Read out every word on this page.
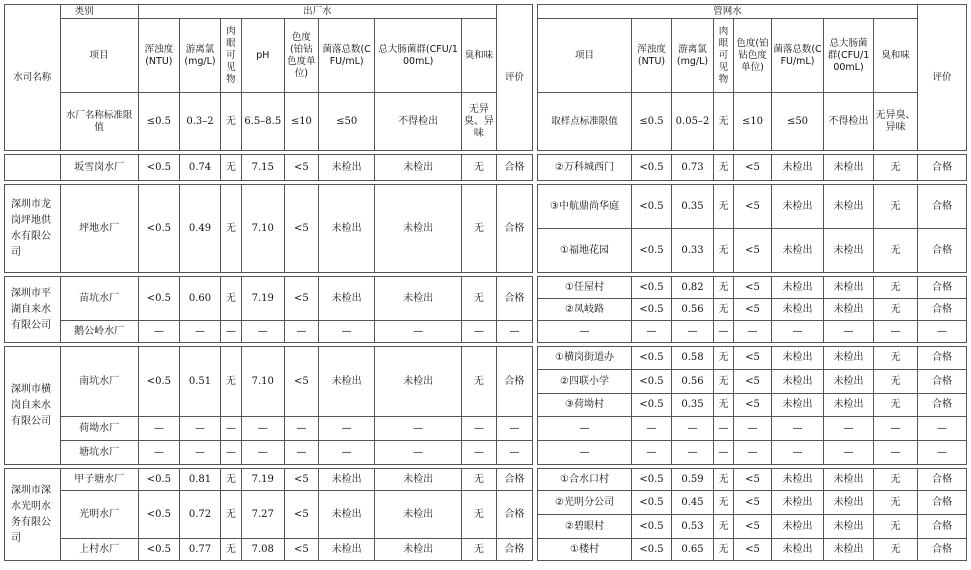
水司名称	类别	出厂水								评价
	项目	浑浊度(NTU)	游离氯(mg/L)	肉眼可见物	pH	色度(铂钴色度单位)	菌落总数(CFU/mL)	总大肠菌群(CFU/100mL)	臭和味	
	水厂名称标准限值	≤0.5	0.3–2	无	6.5–8.5	≤10	≤50	不得检出	无异臭、异味	

	坂雪岗水厂	<0.5	0.74	无	7.15	<5	未检出	未检出	无	合格

深圳市龙岗坪地供水有限公司	坪地水厂	<0.5	0.49	无	7.10	<5	未检出	未检出	无	合格

深圳市平湖自来水有限公司	苗坑水厂	<0.5	0.60	无	7.19	<5	未检出	未检出	无	合格
	鹅公岭水厂	—	—	—	—	—	—	—	—	—

深圳市横岗自来水有限公司	南坑水厂	<0.5	0.51	无	7.10	<5	未检出	未检出	无	合格
	荷坳水厂	—	—	—	—	—	—	—	—	—
	塘坑水厂	—	—	—	—	—	—	—	—	—

深圳市深水光明水务有限公司	甲子塘水厂	<0.5	0.81	无	7.19	<5	未检出	未检出	无	合格
	光明水厂	<0.5	0.72	无	7.27	<5	未检出	未检出	无	合格
	上村水厂	<0.5	0.77	无	7.08	<5	未检出	未检出	无	合格
管网水								评价
项目	浑浊度(NTU)	游离氯(mg/L)	肉眼可见物	色度(铂钴色度单位)	菌落总数(CFU/mL)	总大肠菌群(CFU/100mL)	臭和味	
取样点标准限值	≤0.5	0.05–2	无	≤10	≤50	不得检出	无异臭、异味	

②万科城西门	<0.5	0.73	无	<5	未检出	未检出	无	合格

③中航鼎尚华庭	<0.5	0.35	无	<5	未检出	未检出	无	合格
①福地花园	<0.5	0.33	无	<5	未检出	未检出	无	合格

①任屋村	<0.5	0.82	无	<5	未检出	未检出	无	合格
②凤岐路	<0.5	0.56	无	<5	未检出	未检出	无	合格
—	—	—	—	—	—	—	—	—

①横岗街道办	<0.5	0.58	无	<5	未检出	未检出	无	合格
②四联小学	<0.5	0.56	无	<5	未检出	未检出	无	合格
③荷坳村	<0.5	0.35	无	<5	未检出	未检出	无	合格
—	—	—	—	—	—	—	—	—
—	—	—	—	—	—	—	—	—

①合水口村	<0.5	0.59	无	<5	未检出	未检出	无	合格
②光明分公司	<0.5	0.45	无	<5	未检出	未检出	无	合格
②碧眼村	<0.5	0.53	无	<5	未检出	未检出	无	合格
①楼村	<0.5	0.65	无	<5	未检出	未检出	无	合格
